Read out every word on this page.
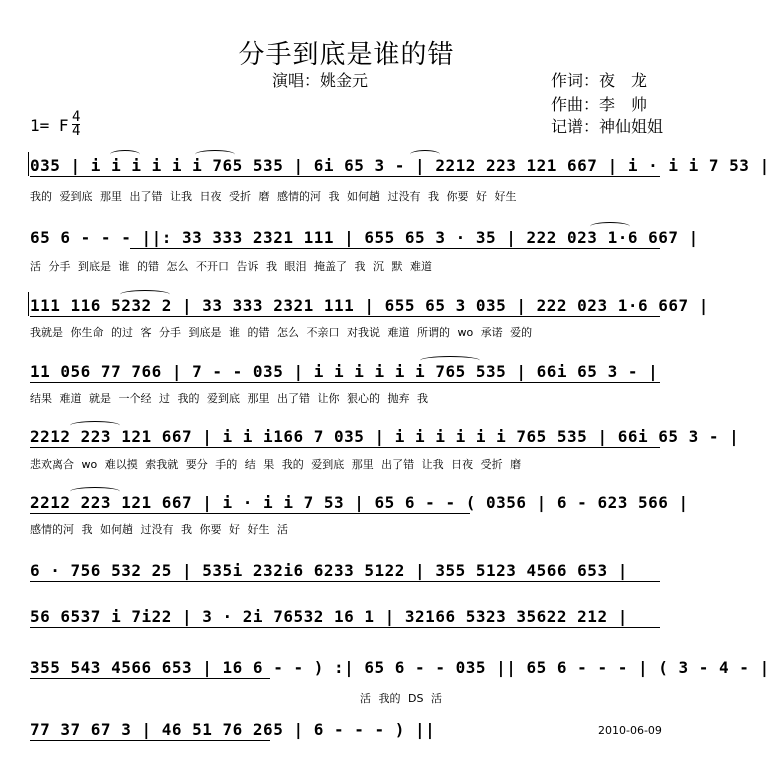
分手到底是谁的错
演唱：姚金元	作词：夜　龙
作曲：李　帅
记谱：神仙姐姐
1= F 4
4
035 | i i i i i i 765 535 | 6i 65 3 - | 2212 223 121 667 | i · i i 7 53 |
我的 爱到底 那里 出了错 让我 日夜 受折 磨 感情的河 我 如何趟 过没有 我 你要 好 好生
65 6 - - - ||: 33 333 2321 111 | 655 65 3 · 35 | 222 023 1·6 667 |
活 分手 到底是 谁 的错 怎么 不开口 告诉 我 眼泪 掩盖了 我 沉 默 难道
111 116 5232 2 | 33 333 2321 111 | 655 65 3 035 | 222 023 1·6 667 |
我就是 你生命 的过 客 分手 到底是 谁 的错 怎么 不亲口 对我说 难道 所谓的 wo 承诺 爱的
11 056 77 766 | 7 - - 035 | i i i i i i 765 535 | 66i 65 3 - |
结果 难道 就是 一个经 过 我的 爱到底 那里 出了错 让你 狠心的 抛弃 我
2212 223 121 667 | i i i166 7 035 | i i i i i i 765 535 | 66i 65 3 - |
悲欢离合 wo 难以摸 索我就 要分 手的 结 果 我的 爱到底 那里 出了错 让我 日夜 受折 磨
2212 223 121 667 | i · i i 7 53 | 65 6 - - ( 0356 | 6 - 623 566 |
感情的河 我 如何趟 过没有 我 你要 好 好生 活
6 · 756 532 25 | 535i 232i6 6233 5122 | 355 5123 4566 653 |
56 6537 i 7i22 | 3 · 2i 76532 16 1 | 32166 5323 35622 212 |
355 543 4566 653 | 16 6 - - ) :| 65 6 - - 035 || 65 6 - - - | ( 3 - 4 - |
活 我的 DS 活
77 37 67 3 | 46 51 76 265 | 6 - - - ) ||	2010-06-09
